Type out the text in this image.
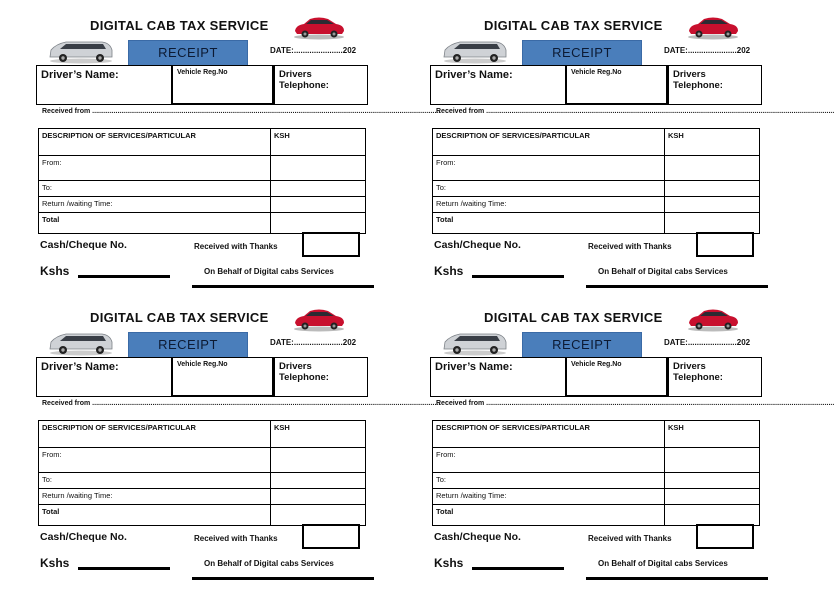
DIGITAL CAB TAX SERVICE
RECEIPT	DATE:......................202
Driver’s Name:	Vehicle Reg.No	Drivers Telephone:
Received from ...................................................................................................................................................................................
DESCRIPTION OF SERVICES/PARTICULAR	KSH
From:	
To:	
Return /waiting Time:	
Total	
Cash/Cheque No.	Received with Thanks
Kshs	On Behalf of Digital cabs Services
DIGITAL CAB TAX SERVICE
RECEIPT	DATE:......................202
Driver’s Name:	Vehicle Reg.No	Drivers Telephone:
Received from ...................................................................................................................................................................................
DESCRIPTION OF SERVICES/PARTICULAR	KSH
From:	
To:	
Return /waiting Time:	
Total	
Cash/Cheque No.	Received with Thanks
Kshs	On Behalf of Digital cabs Services
DIGITAL CAB TAX SERVICE
RECEIPT	DATE:......................202
Driver’s Name:	Vehicle Reg.No	Drivers Telephone:
Received from ...................................................................................................................................................................................
DESCRIPTION OF SERVICES/PARTICULAR	KSH
From:	
To:	
Return /waiting Time:	
Total	
Cash/Cheque No.	Received with Thanks
Kshs	On Behalf of Digital cabs Services
DIGITAL CAB TAX SERVICE
RECEIPT	DATE:......................202
Driver’s Name:	Vehicle Reg.No	Drivers Telephone:
Received from ...................................................................................................................................................................................
DESCRIPTION OF SERVICES/PARTICULAR	KSH
From:	
To:	
Return /waiting Time:	
Total	
Cash/Cheque No.	Received with Thanks
Kshs	On Behalf of Digital cabs Services
